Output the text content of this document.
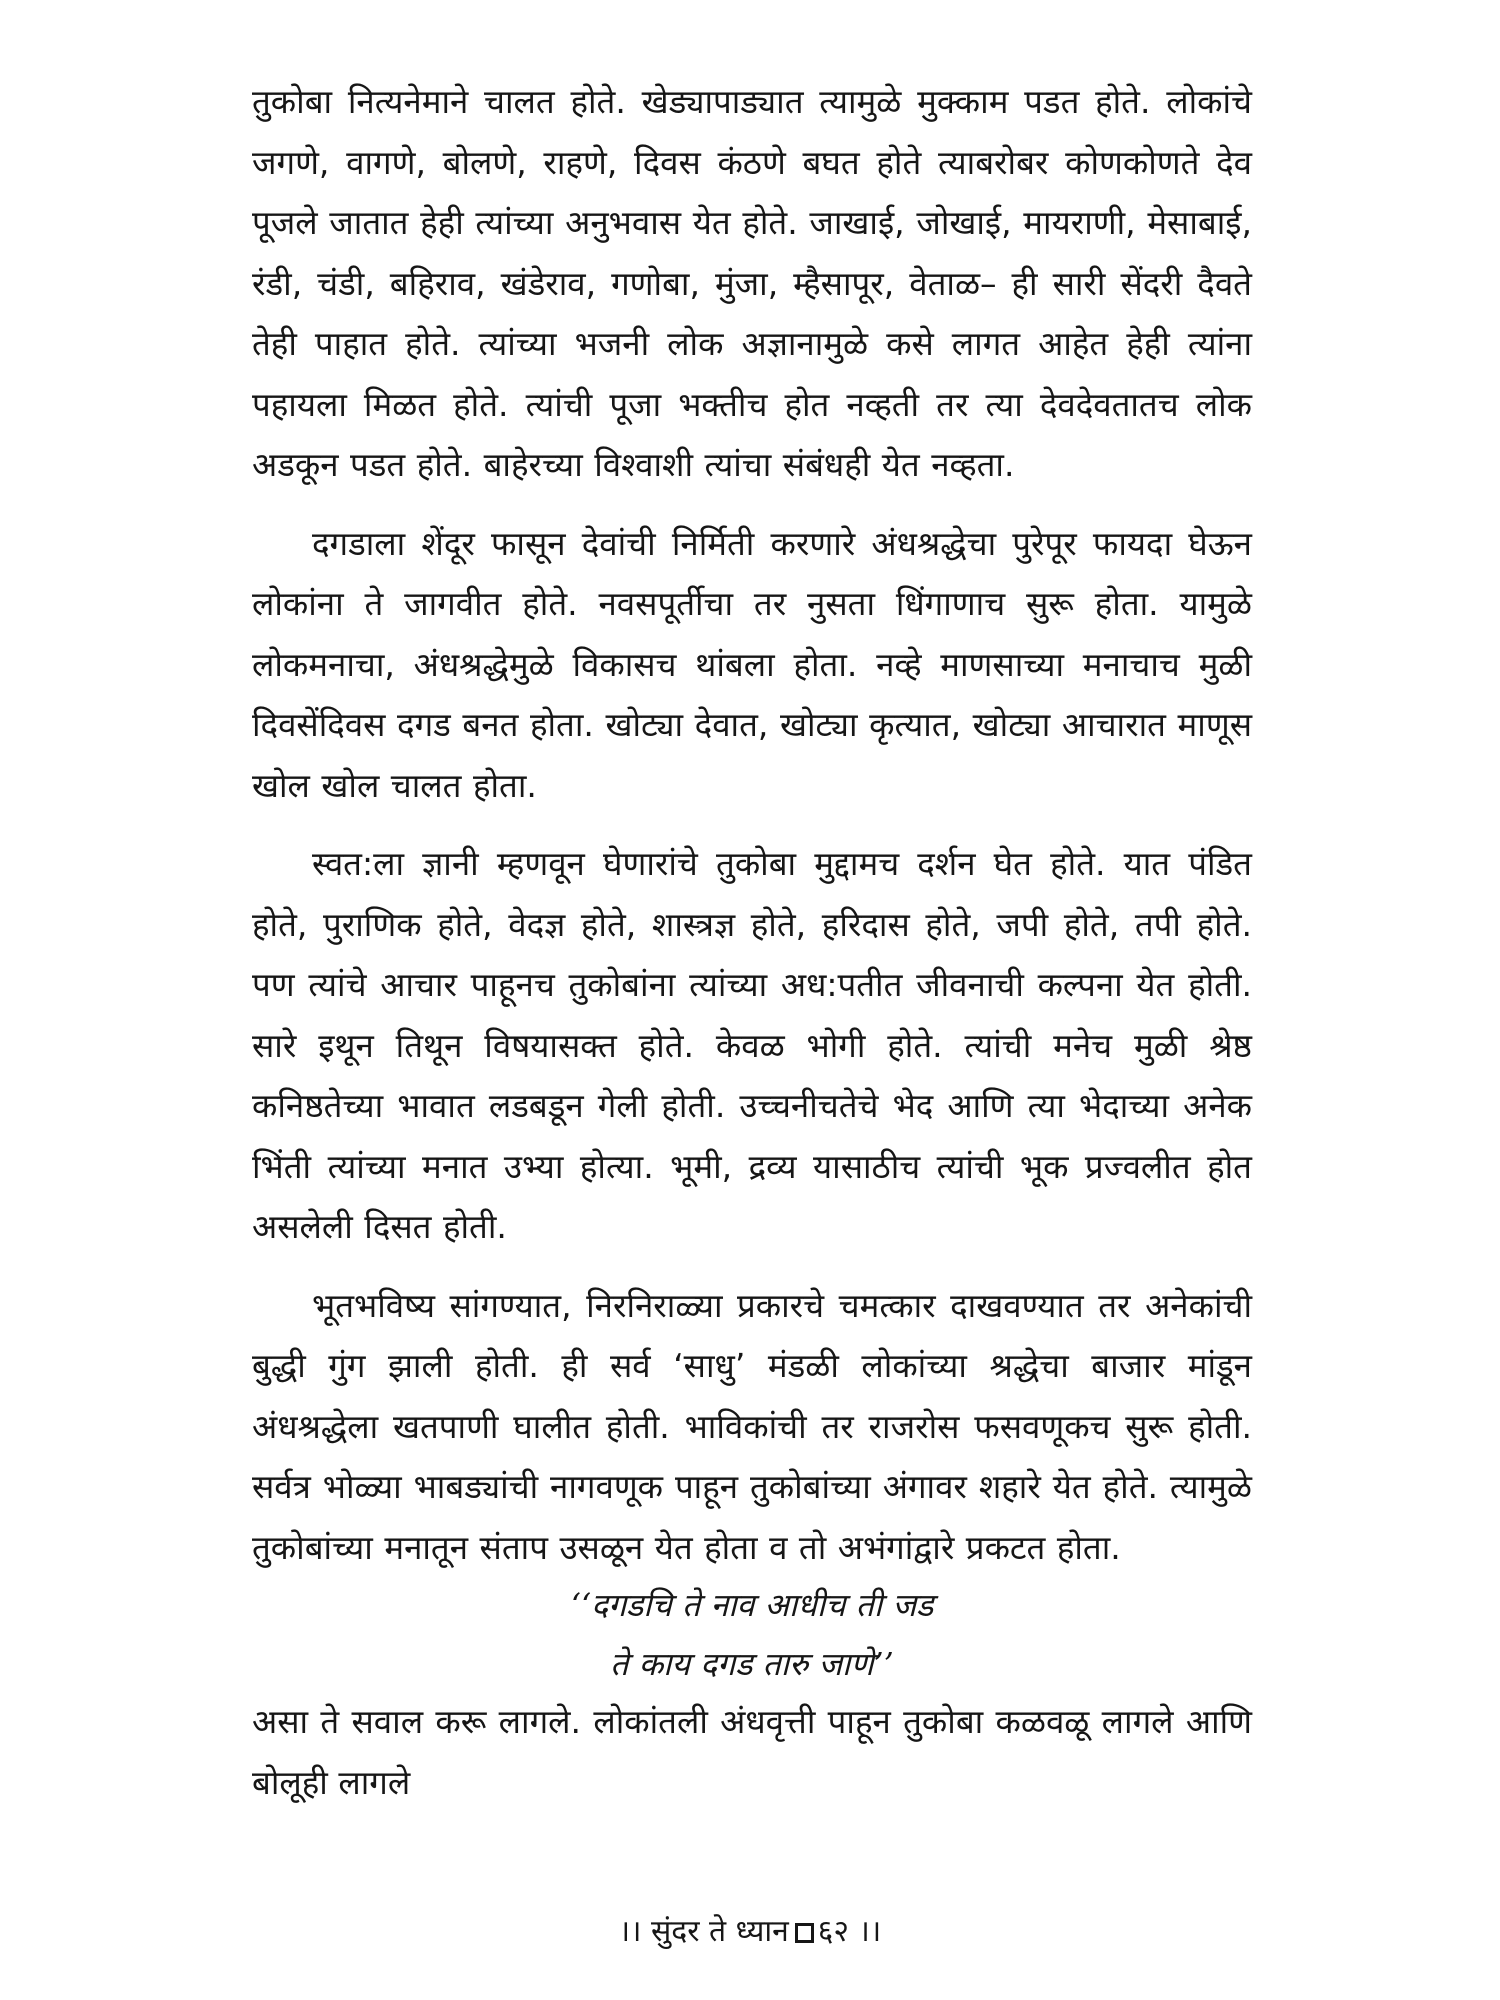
तुकोबा नित्यनेमाने चालत होते. खेड्यापाड्यात त्यामुळे मुक्काम पडत होते. लोकांचे जगणे, वागणे, बोलणे, राहणे, दिवस कंठणे बघत होते त्याबरोबर कोणकोणते देव पूजले जातात हेही त्यांच्या अनुभवास येत होते. जाखाई, जोखाई, मायराणी, मेसाबाई, रंडी, चंडी, बहिराव, खंडेराव, गणोबा, मुंजा, म्हैसापूर, वेताळ– ही सारी सेंदरी दैवते तेही पाहात होते. त्यांच्या भजनी लोक अज्ञानामुळे कसे लागत आहेत हेही त्यांना पहायला मिळत होते. त्यांची पूजा भक्तीच होत नव्हती तर त्या देवदेवतातच लोक अडकून पडत होते. बाहेरच्या विश्वाशी त्यांचा संबंधही येत नव्हता.

दगडाला शेंदूर फासून देवांची निर्मिती करणारे अंधश्रद्धेचा पुरेपूर फायदा घेऊन लोकांना ते जागवीत होते. नवसपूर्तीचा तर नुसता धिंगाणाच सुरू होता. यामुळे लोकमनाचा, अंधश्रद्धेमुळे विकासच थांबला होता. नव्हे माणसाच्या मनाचाच मुळी दिवसेंदिवस दगड बनत होता. खोट्या देवात, खोट्या कृत्यात, खोट्या आचारात माणूस खोल खोल चालत होता.

स्वत:ला ज्ञानी म्हणवून घेणारांचे तुकोबा मुद्दामच दर्शन घेत होते. यात पंडित होते, पुराणिक होते, वेदज्ञ होते, शास्त्रज्ञ होते, हरिदास होते, जपी होते, तपी होते. पण त्यांचे आचार पाहूनच तुकोबांना त्यांच्या अध:पतीत जीवनाची कल्पना येत होती. सारे इथून तिथून विषयासक्त होते. केवळ भोगी होते. त्यांची मनेच मुळी श्रेष्ठ कनिष्ठतेच्या भावात लडबडून गेली होती. उच्चनीचतेचे भेद आणि त्या भेदाच्या अनेक भिंती त्यांच्या मनात उभ्या होत्या. भूमी, द्रव्य यासाठीच त्यांची भूक प्रज्वलीत होत असलेली दिसत होती.

भूतभविष्य सांगण्यात, निरनिराळ्या प्रकारचे चमत्कार दाखवण्यात तर अनेकांची बुद्धी गुंग झाली होती. ही सर्व ‘साधु’ मंडळी लोकांच्या श्रद्धेचा बाजार मांडून अंधश्रद्धेला खतपाणी घालीत होती. भाविकांची तर राजरोस फसवणूकच सुरू होती. सर्वत्र भोळ्या भाबड्यांची नागवणूक पाहून तुकोबांच्या अंगावर शहारे येत होते. त्यामुळे तुकोबांच्या मनातून संताप उसळून येत होता व तो अभंगांद्वारे प्रकटत होता.

‘‘दगडचि ते नाव आधीच ती जड
ते काय दगड तारु जाणे’’

असा ते सवाल करू लागले. लोकांतली अंधवृत्ती पाहून तुकोबा कळवळू लागले आणि बोलूही लागले

।। सुंदर ते ध्यान ६२ ।।
